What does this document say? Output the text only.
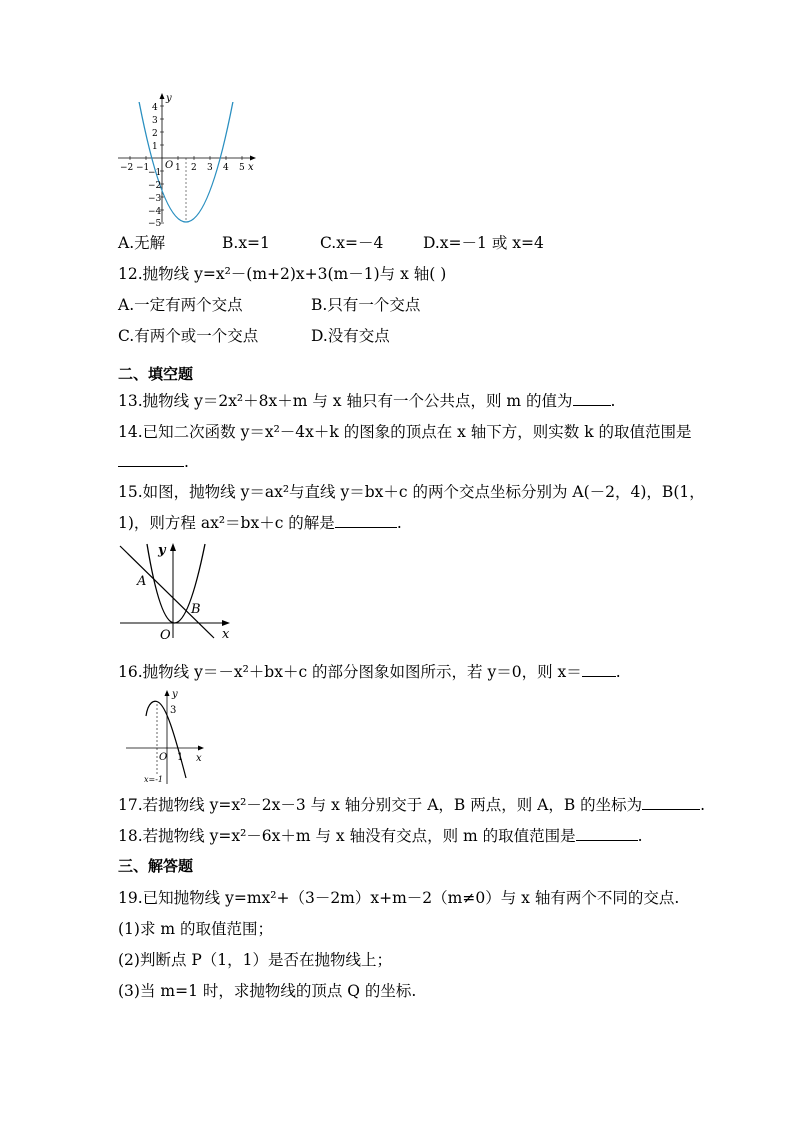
x
y
O
−2 −1	1 2 3 4 5
4
3
2
1
−1
−2
−3
−4
−5
A.无解	B.x=1	C.x=－4	D.x=－1 或 x=4
12.抛物线 y=x²－(m+2)x+3(m－1)与 x 轴( )
A.一定有两个交点	B.只有一个交点
C.有两个或一个交点	D.没有交点
二、填空题
13.抛物线 y＝2x²＋8x＋m 与 x 轴只有一个公共点，则 m 的值为 .
14.已知二次函数 y＝x²－4x＋k 的图象的顶点在 x 轴下方，则实数 k 的取值范围是
.
15.如图，抛物线 y＝ax²与直线 y＝bx＋c 的两个交点坐标分别为 A(－2，4)，B(1，
1)，则方程 ax²＝bx＋c 的解是	.
y
x
O
A
B
16.抛物线 y＝－x²＋bx＋c 的部分图象如图所示，若 y＝0，则 x＝ .
y
x
O
3
1
x=-1
17.若抛物线 y=x²－2x－3 与 x 轴分别交于 A，B 两点，则 A，B 的坐标为	.
18.若抛物线 y=x²－6x＋m 与 x 轴没有交点，则 m 的取值范围是	.
三、解答题
19.已知抛物线 y=mx²+（3－2m）x+m－2（m≠0）与 x 轴有两个不同的交点.
(1)求 m 的取值范围；
(2)判断点 P（1，1）是否在抛物线上；
(3)当 m=1 时，求抛物线的顶点 Q 的坐标.
